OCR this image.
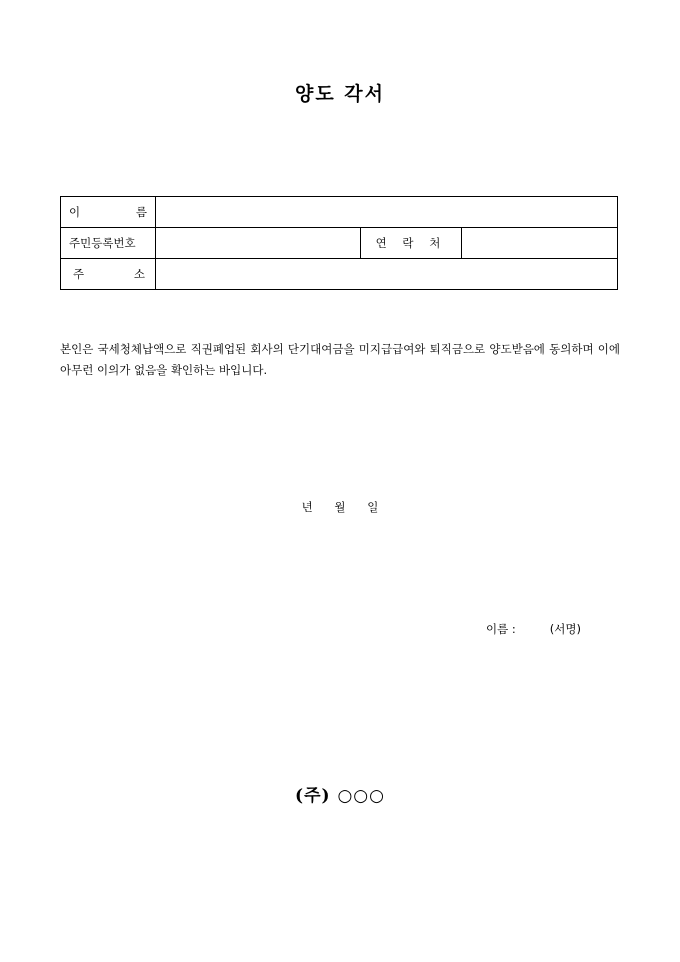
양도 각서
이 름			

주민등록번호		연 락 처	

주 소			

본인은 국세청체납액으로 직권폐업된 회사의 단기대여금을 미지급급여와 퇴직금으로 양도받음에 동의하며 이에 아무런 이의가 없음을 확인하는 바입니다.
년 월 일
이름 :	(서명)
(주) ○○○
